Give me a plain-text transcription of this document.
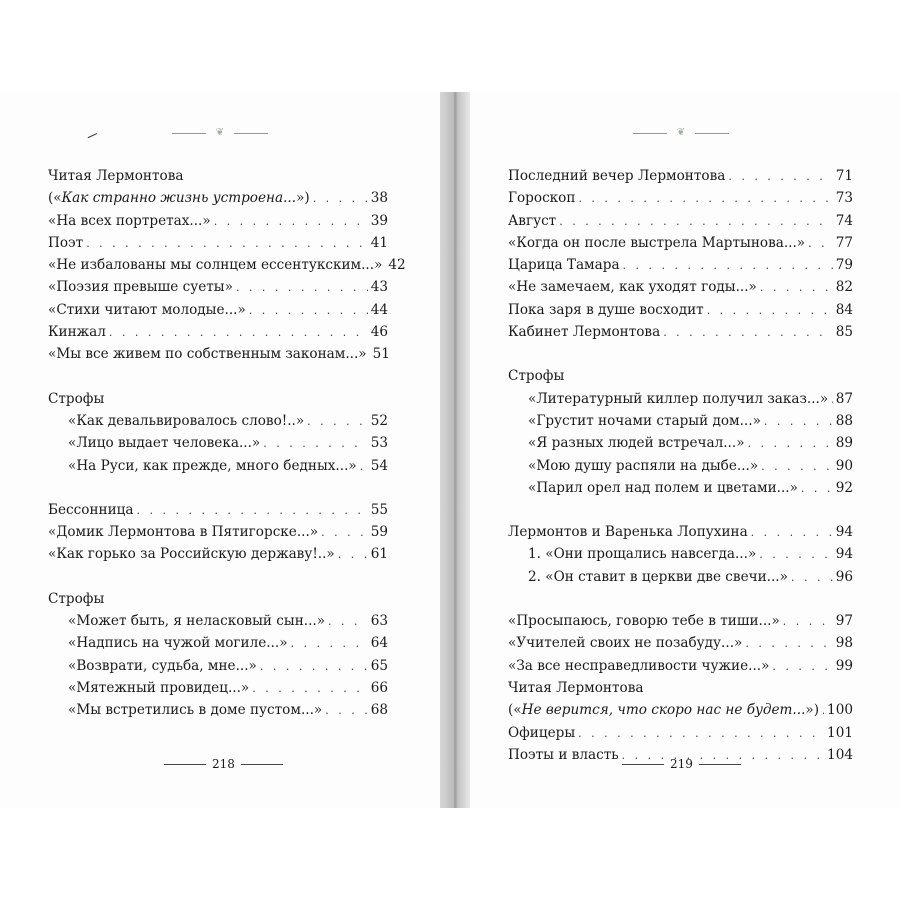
❦
Читая Лермонтова
(«Как странно жизнь устроена...») . . .	38
«На всех портретах...» . . .	39
Поэт . . .	41
«Не избалованы мы солнцем ессентукским...» 42
«Поэзия превыше суеты» . . .	43
«Стихи читают молодые...» . . .	44
Кинжал . . .	46
«Мы все живем по собственным законам...» 51
Строфы
«Как девальвировалось слово!..» . . .	52
«Лицо выдает человека...» . . .	53
«На Руси, как прежде, много бедных...» . . . 54
Бессонница . . .	55
«Домик Лермонтова в Пятигорске...» . . .	59
«Как горько за Российскую державу!..» . . .	61
Строфы
«Может быть, я неласковый сын...» . . .	63
«Надпись на чужой могиле...» . . .	64
«Возврати, судьба, мне...» . . .	65
«Мятежный провидец...» . . .	66
«Мы встретились в доме пустом...» . . .	68
218
❦
Последний вечер Лермонтова . . .	71
Гороскоп . . .	73
Август . . .	74
«Когда он после выстрела Мартынова...» . . . 77
Царица Тамара . . .	79
«Не замечаем, как уходят годы...» . . .	82
Пока заря в душе восходит . . .	84
Кабинет Лермонтова . . .	85
Строфы
«Литературный киллер получил заказ...» . . . 87
«Грустит ночами старый дом...» . . .	88
«Я разных людей встречал...» . . .	89
«Мою душу распяли на дыбе...» . . .	90
«Парил орел над полем и цветами...» . . .	92
Лермонтов и Варенька Лопухина . . .	94
1. «Они прощались навсегда...» . . .	94
2. «Он ставит в церкви две свечи...» . . .	96
«Просыпаюсь, говорю тебе в тиши...» . . .	97
«Учителей своих не позабуду...» . . .	98
«За все несправедливости чужие...» . . .	99
Читая Лермонтова
(«Не верится, что скоро нас не будет...») . . . 100
Офицеры . . .	101
Поэты и власть . . .	104
219
